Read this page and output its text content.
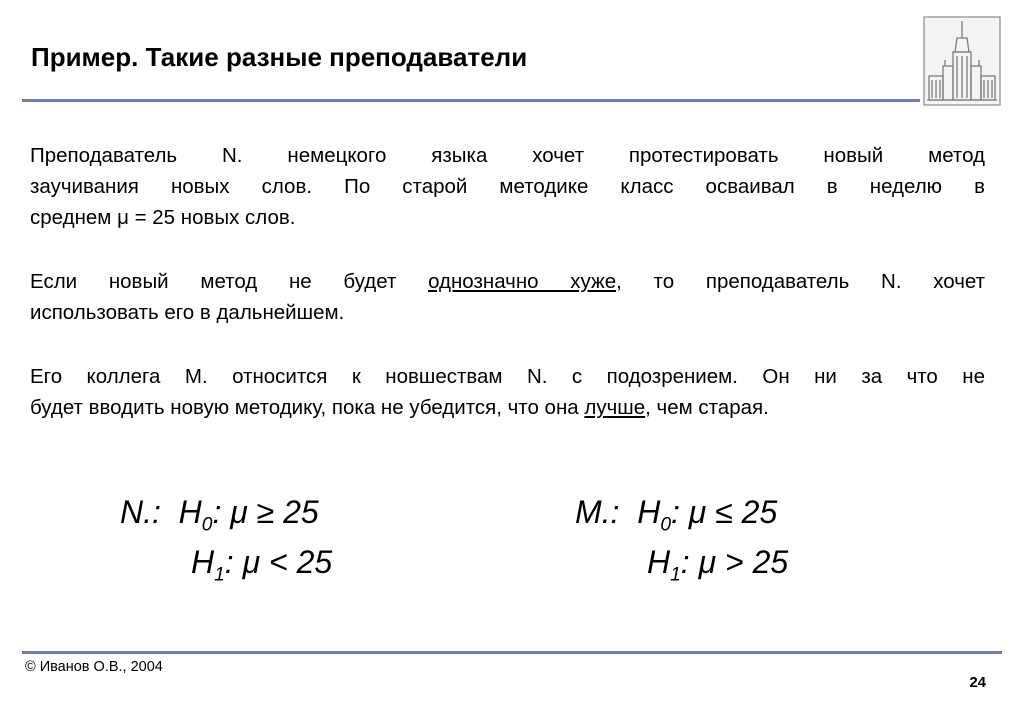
Пример. Такие разные преподаватели
Преподаватель N. немецкого языка хочет протестировать новый метод
заучивания новых слов. По старой методике класс осваивал в неделю в
среднем μ = 25 новых слов.
Если новый метод не будет однозначно хуже, то преподаватель N. хочет
использовать его в дальнейшем.
Его коллега M. относится к новшествам N. с подозрением. Он ни за что не
будет вводить новую методику, пока не убедится, что она лучше, чем старая.
N.: $H_0$: μ ≥ 25
$H_1$: μ < 25
M.: $H_0$: μ ≤ 25
$H_1$: μ > 25
© Иванов О.В., 2004
24
